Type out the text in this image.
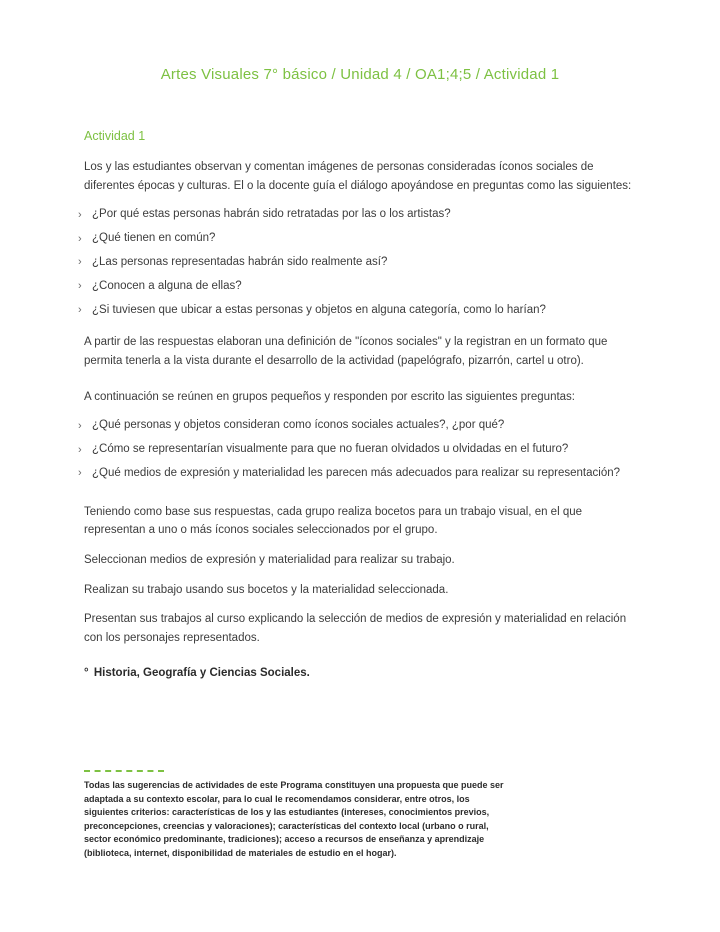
Artes Visuales 7° básico / Unidad 4 / OA1;4;5 / Actividad 1
Actividad 1

Los y las estudiantes observan y comentan imágenes de personas consideradas íconos sociales de diferentes épocas y culturas. El o la docente guía el diálogo apoyándose en preguntas como las siguientes:

› ¿Por qué estas personas habrán sido retratadas por las o los artistas?
› ¿Qué tienen en común?
› ¿Las personas representadas habrán sido realmente así?
› ¿Conocen a alguna de ellas?
› ¿Si tuviesen que ubicar a estas personas y objetos en alguna categoría, como lo harían?

A partir de las respuestas elaboran una definición de "íconos sociales" y la registran en un formato que permita tenerla a la vista durante el desarrollo de la actividad (papelógrafo, pizarrón, cartel u otro).

A continuación se reúnen en grupos pequeños y responden por escrito las siguientes preguntas:

› ¿Qué personas y objetos consideran como íconos sociales actuales?, ¿por qué?
› ¿Cómo se representarían visualmente para que no fueran olvidados u olvidadas en el futuro?
› ¿Qué medios de expresión y materialidad les parecen más adecuados para realizar su representación?

Teniendo como base sus respuestas, cada grupo realiza bocetos para un trabajo visual, en el que representan a uno o más íconos sociales seleccionados por el grupo.

Seleccionan medios de expresión y materialidad para realizar su trabajo.

Realizan su trabajo usando sus bocetos y la materialidad seleccionada.

Presentan sus trabajos al curso explicando la selección de medios de expresión y materialidad en relación con los personajes representados.

° Historia, Geografía y Ciencias Sociales.

Todas las sugerencias de actividades de este Programa constituyen una propuesta que puede ser adaptada a su contexto escolar, para lo cual le recomendamos considerar, entre otros, los siguientes criterios: características de los y las estudiantes (intereses, conocimientos previos, preconcepciones, creencias y valoraciones); características del contexto local (urbano o rural, sector económico predominante, tradiciones); acceso a recursos de enseñanza y aprendizaje (biblioteca, internet, disponibilidad de materiales de estudio en el hogar).
